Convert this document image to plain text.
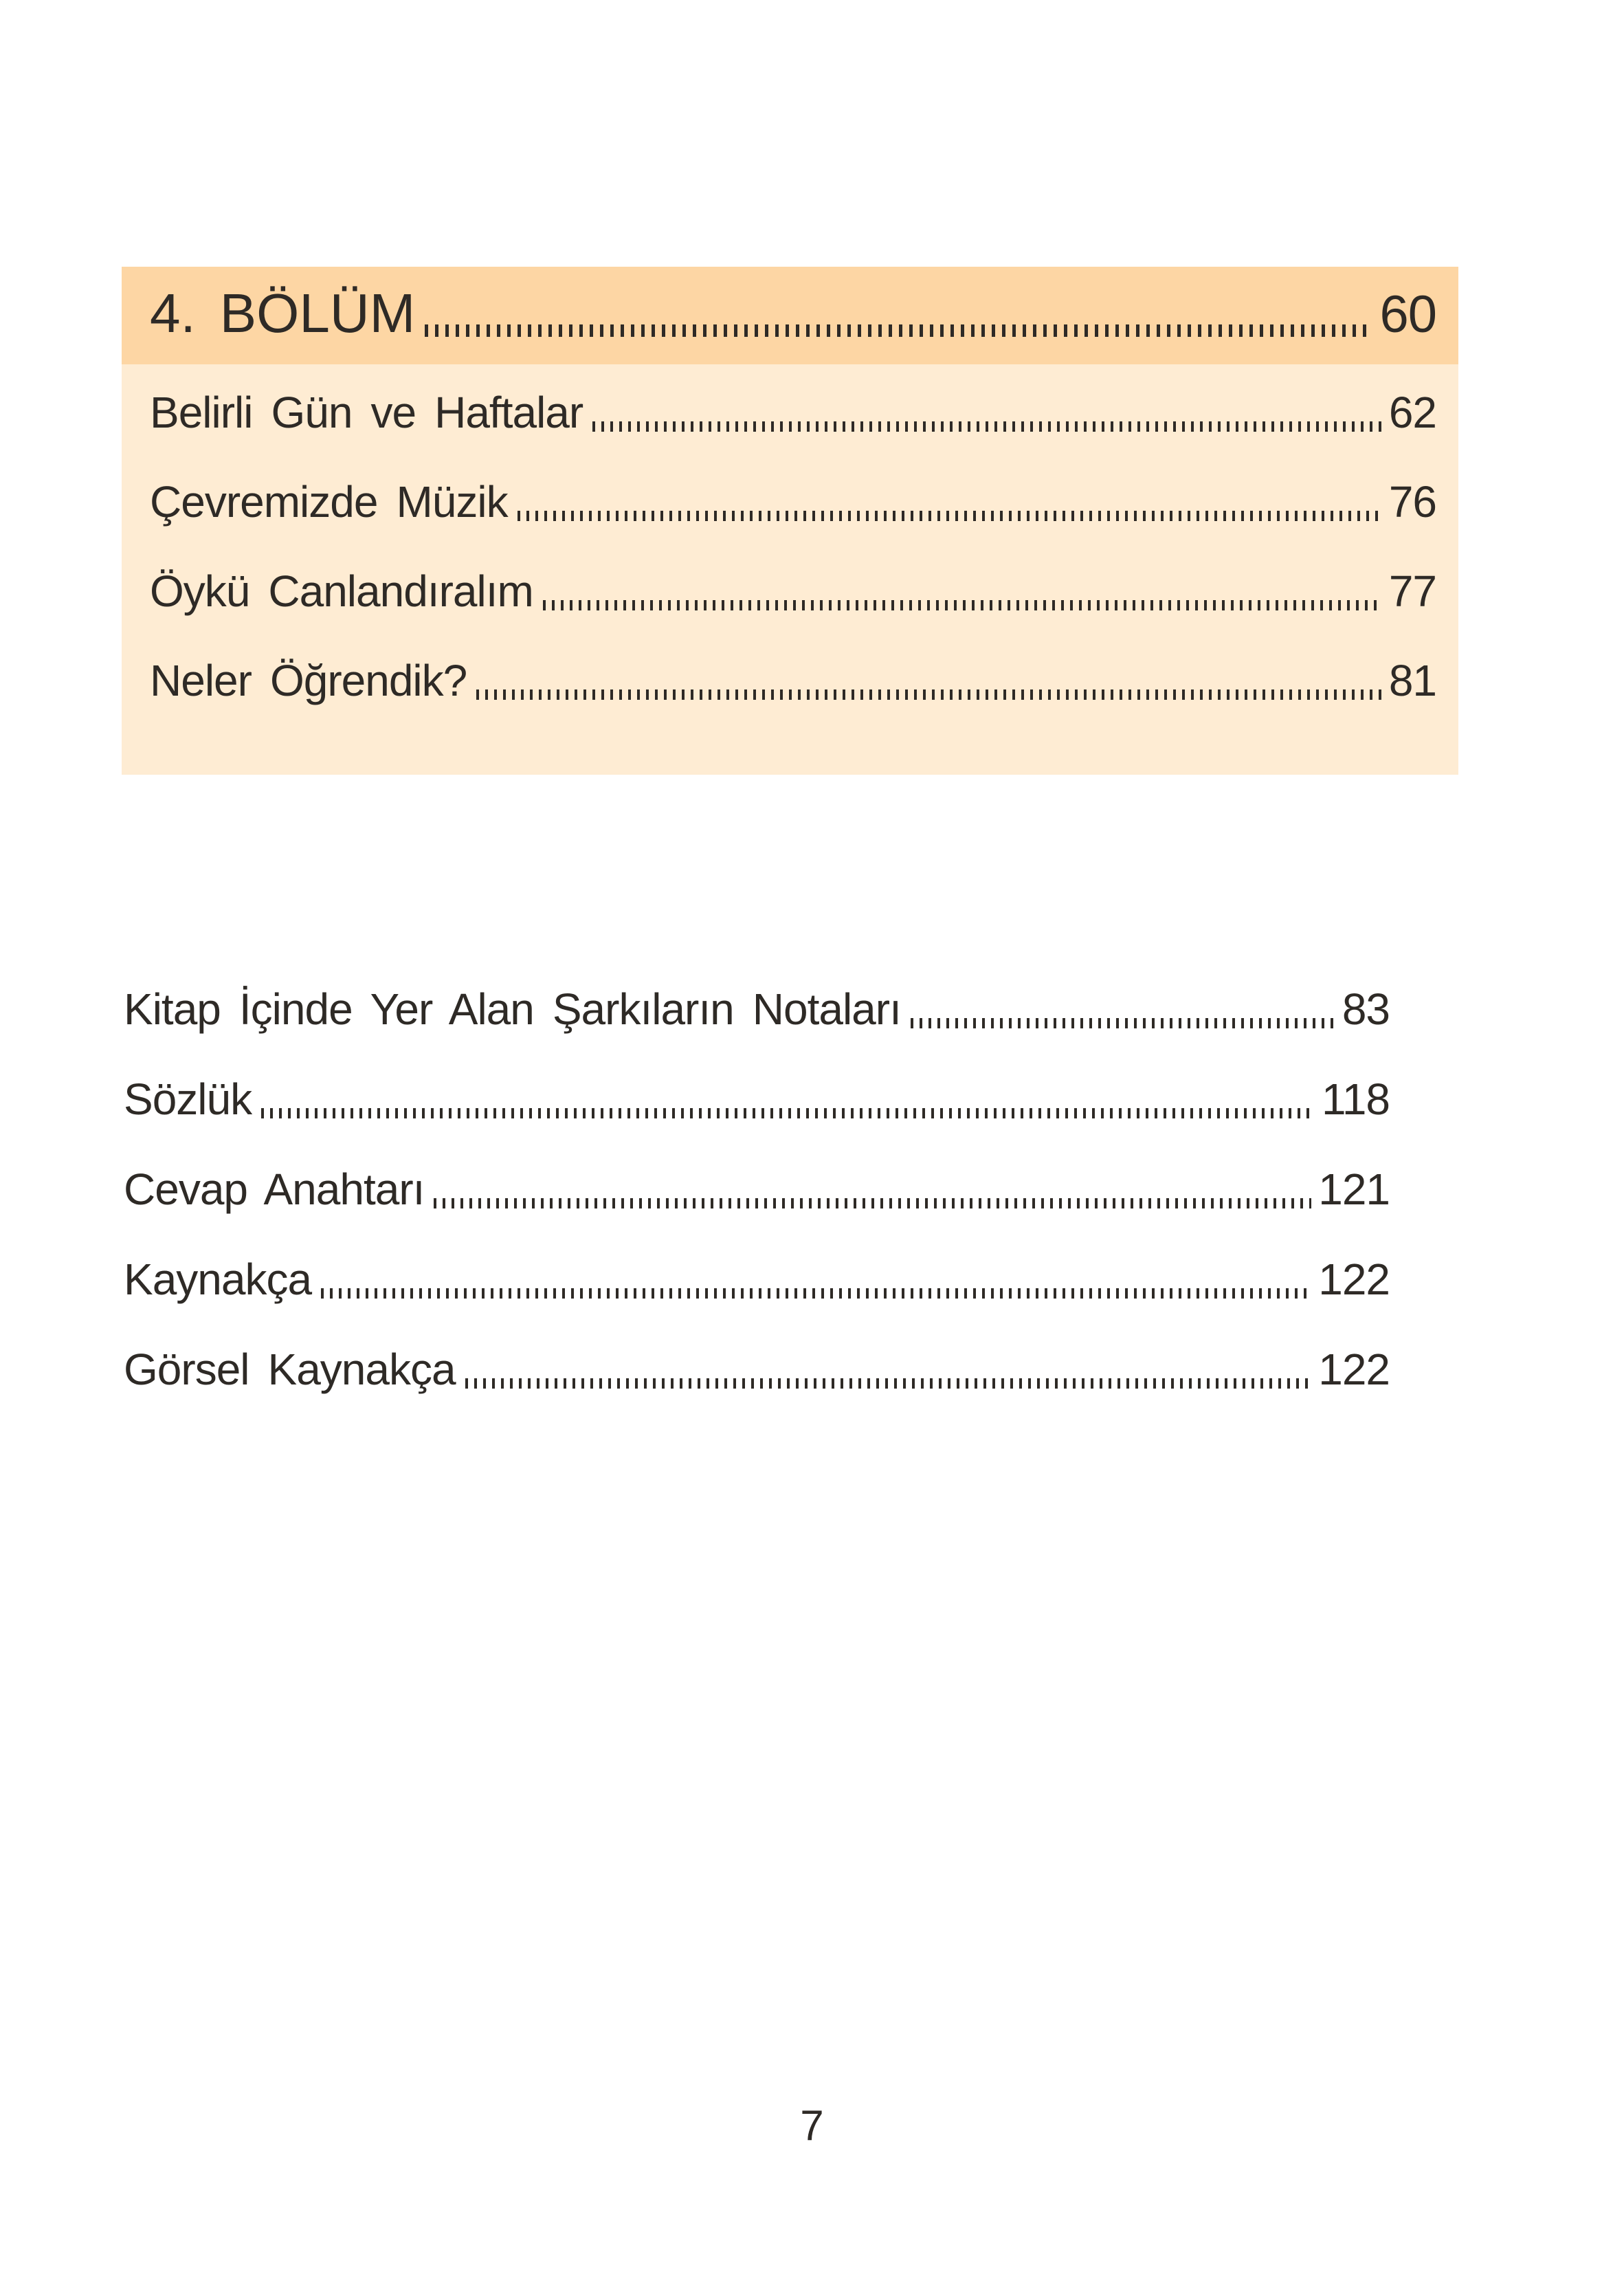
4. BÖLÜM	60
Belirli Gün ve Haftalar	62
Çevremizde Müzik	76
Öykü Canlandıralım	77
Neler Öğrendik?	81
Kitap İçinde Yer Alan Şarkıların Notaları	83
Sözlük	118
Cevap Anahtarı	121
Kaynakça	122
Görsel Kaynakça	122
7
